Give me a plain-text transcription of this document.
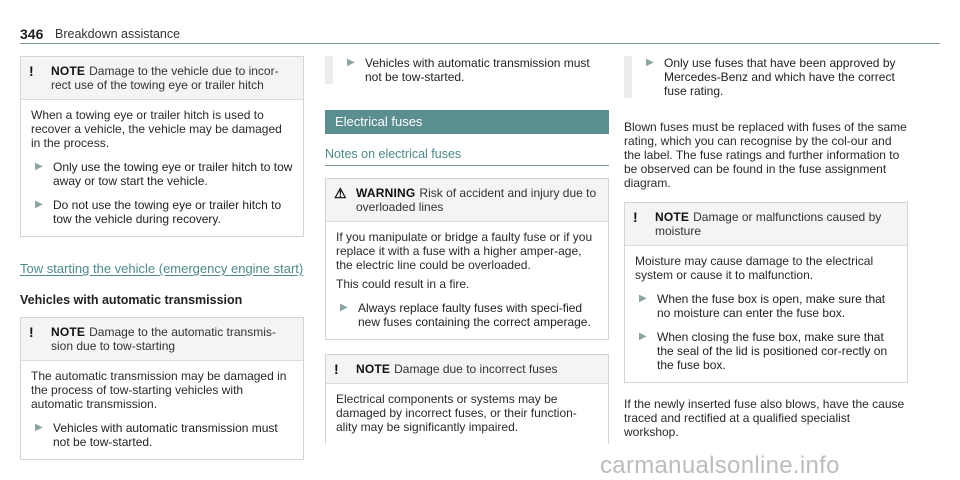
346 Breakdown assistance
!	NOTE Damage to the vehicle due to incor-rect use of the towing eye or trailer hitch

When a towing eye or trailer hitch is used to recover a vehicle, the vehicle may be damaged in the process.

▶ Only use the towing eye or trailer hitch to tow away or tow start the vehicle.
▶ Do not use the towing eye or trailer hitch to tow the vehicle during recovery.

Tow starting the vehicle (emergency engine start)

Vehicles with automatic transmission

!	NOTE Damage to the automatic transmis-sion due to tow-starting

The automatic transmission may be damaged in the process of tow-starting vehicles with automatic transmission.

▶ Vehicles with automatic transmission must not be tow-started.
▶ Vehicles with automatic transmission must not be tow-started.
Electrical fuses

Notes on electrical fuses

⚠ WARNING Risk of accident and injury due to overloaded lines

If you manipulate or bridge a faulty fuse or if you replace it with a fuse with a higher amper-age, the electric line could be overloaded.

This could result in a fire.

▶ Always replace faulty fuses with speci-fied new fuses containing the correct amperage.
!	NOTE Damage due to incorrect fuses

Electrical components or systems may be damaged by incorrect fuses, or their function-ality may be significantly impaired.

▶ Only use fuses that have been approved by Mercedes-Benz and which have the correct fuse rating.

Blown fuses must be replaced with fuses of the same rating, which you can recognise by the col-our and the label. The fuse ratings and further information to be observed can be found in the fuse assignment diagram.

!	NOTE Damage or malfunctions caused by moisture

Moisture may cause damage to the electrical system or cause it to malfunction.

▶ When the fuse box is open, make sure that no moisture can enter the fuse box.
▶ When closing the fuse box, make sure that the seal of the lid is positioned cor-rectly on the fuse box.

If the newly inserted fuse also blows, have the cause traced and rectified at a qualified specialist workshop.

carmanualsonline.info
